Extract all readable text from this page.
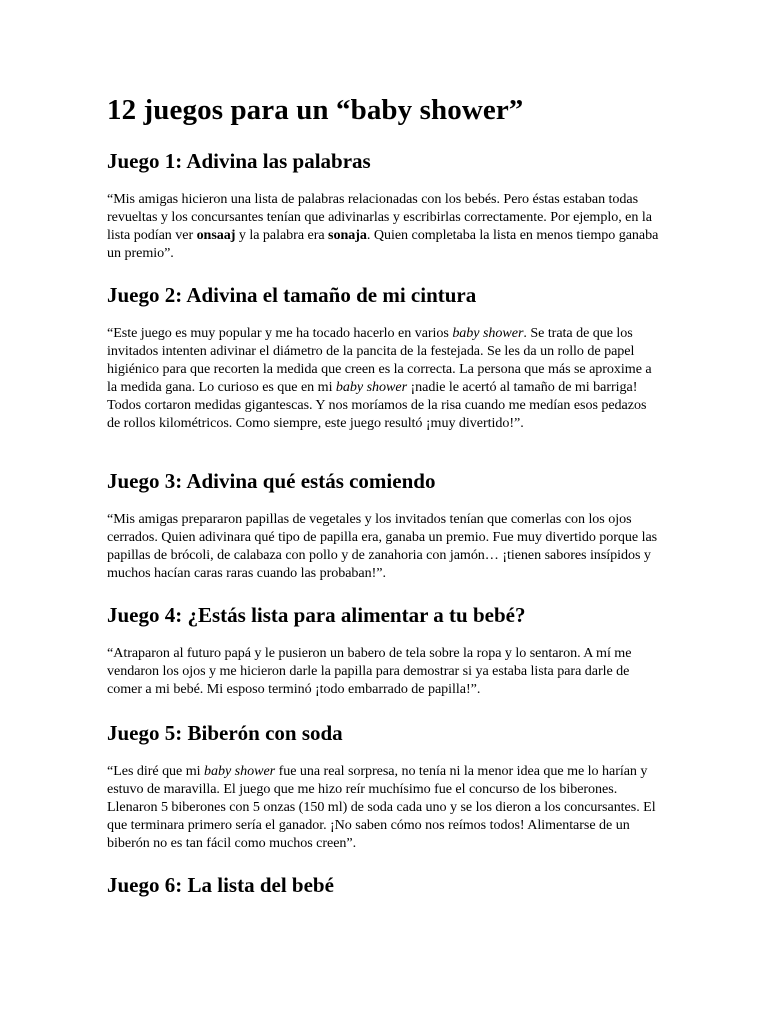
12 juegos para un “baby shower”
Juego 1: Adivina las palabras

“Mis amigas hicieron una lista de palabras relacionadas con los bebés. Pero éstas estaban todas revueltas y los concursantes tenían que adivinarlas y escribirlas correctamente. Por ejemplo, en la lista podían ver onsaaj y la palabra era sonaja. Quien completaba la lista en menos tiempo ganaba un premio”.

Juego 2: Adivina el tamaño de mi cintura

“Este juego es muy popular y me ha tocado hacerlo en varios baby shower. Se trata de que los invitados intenten adivinar el diámetro de la pancita de la festejada. Se les da un rollo de papel higiénico para que recorten la medida que creen es la correcta. La persona que más se aproxime a la medida gana. Lo curioso es que en mi baby shower ¡nadie le acertó al tamaño de mi barriga! Todos cortaron medidas gigantescas. Y nos moríamos de la risa cuando me medían esos pedazos de rollos kilométricos. Como siempre, este juego resultó ¡muy divertido!”.

Juego 3: Adivina qué estás comiendo

“Mis amigas prepararon papillas de vegetales y los invitados tenían que comerlas con los ojos cerrados. Quien adivinara qué tipo de papilla era, ganaba un premio. Fue muy divertido porque las papillas de brócoli, de calabaza con pollo y de zanahoria con jamón… ¡tienen sabores insípidos y muchos hacían caras raras cuando las probaban!”.

Juego 4: ¿Estás lista para alimentar a tu bebé?

“Atraparon al futuro papá y le pusieron un babero de tela sobre la ropa y lo sentaron. A mí me vendaron los ojos y me hicieron darle la papilla para demostrar si ya estaba lista para darle de comer a mi bebé. Mi esposo terminó ¡todo embarrado de papilla!”.

Juego 5: Biberón con soda

“Les diré que mi baby shower fue una real sorpresa, no tenía ni la menor idea que me lo harían y estuvo de maravilla. El juego que me hizo reír muchísimo fue el concurso de los biberones. Llenaron 5 biberones con 5 onzas (150 ml) de soda cada uno y se los dieron a los concursantes. El que terminara primero sería el ganador. ¡No saben cómo nos reímos todos! Alimentarse de un biberón no es tan fácil como muchos creen”.

Juego 6: La lista del bebé
